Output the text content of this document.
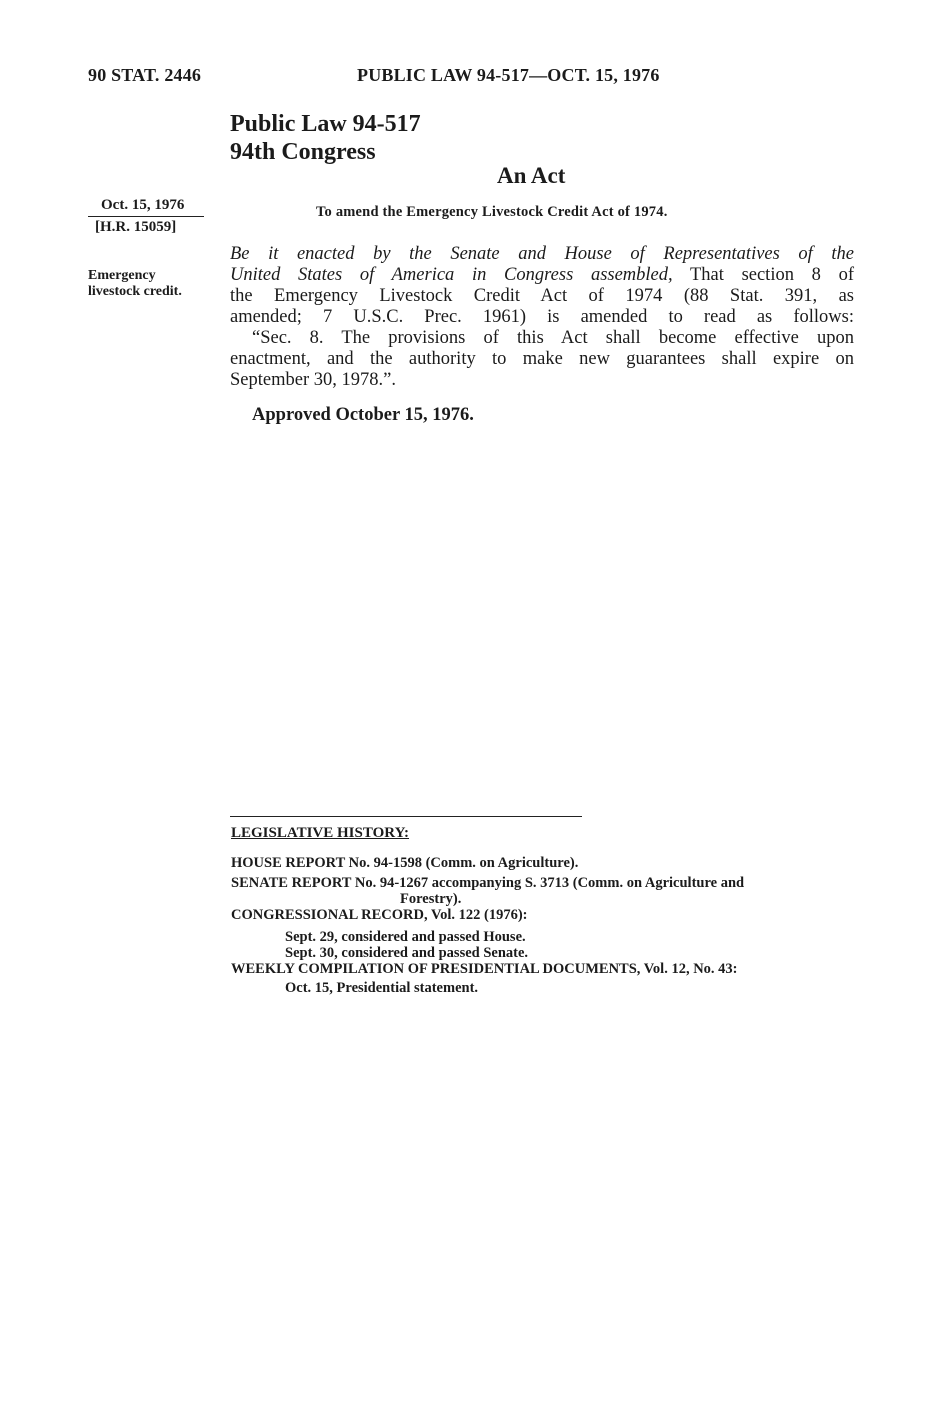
90 STAT. 2446	PUBLIC LAW 94-517—OCT. 15, 1976
Public Law 94-517
94th Congress
An Act
Oct. 15, 1976
[H.R. 15059]
Emergency
livestock credit.
To amend the Emergency Livestock Credit Act of 1974.
Be it enacted by the Senate and House of Representatives of the
United States of America in Congress assembled, That section 8 of
the Emergency Livestock Credit Act of 1974 (88 Stat. 391, as
amended; 7 U.S.C. Prec. 1961) is amended to read as follows:
“Sec. 8. The provisions of this Act shall become effective upon
enactment, and the authority to make new guarantees shall expire on
September 30, 1978.”.
Approved October 15, 1976.
LEGISLATIVE HISTORY:
HOUSE REPORT No. 94-1598 (Comm. on Agriculture).
SENATE REPORT No. 94-1267 accompanying S. 3713 (Comm. on Agriculture and
Forestry).
CONGRESSIONAL RECORD, Vol. 122 (1976):
Sept. 29, considered and passed House.
Sept. 30, considered and passed Senate.
WEEKLY COMPILATION OF PRESIDENTIAL DOCUMENTS, Vol. 12, No. 43:
Oct. 15, Presidential statement.
